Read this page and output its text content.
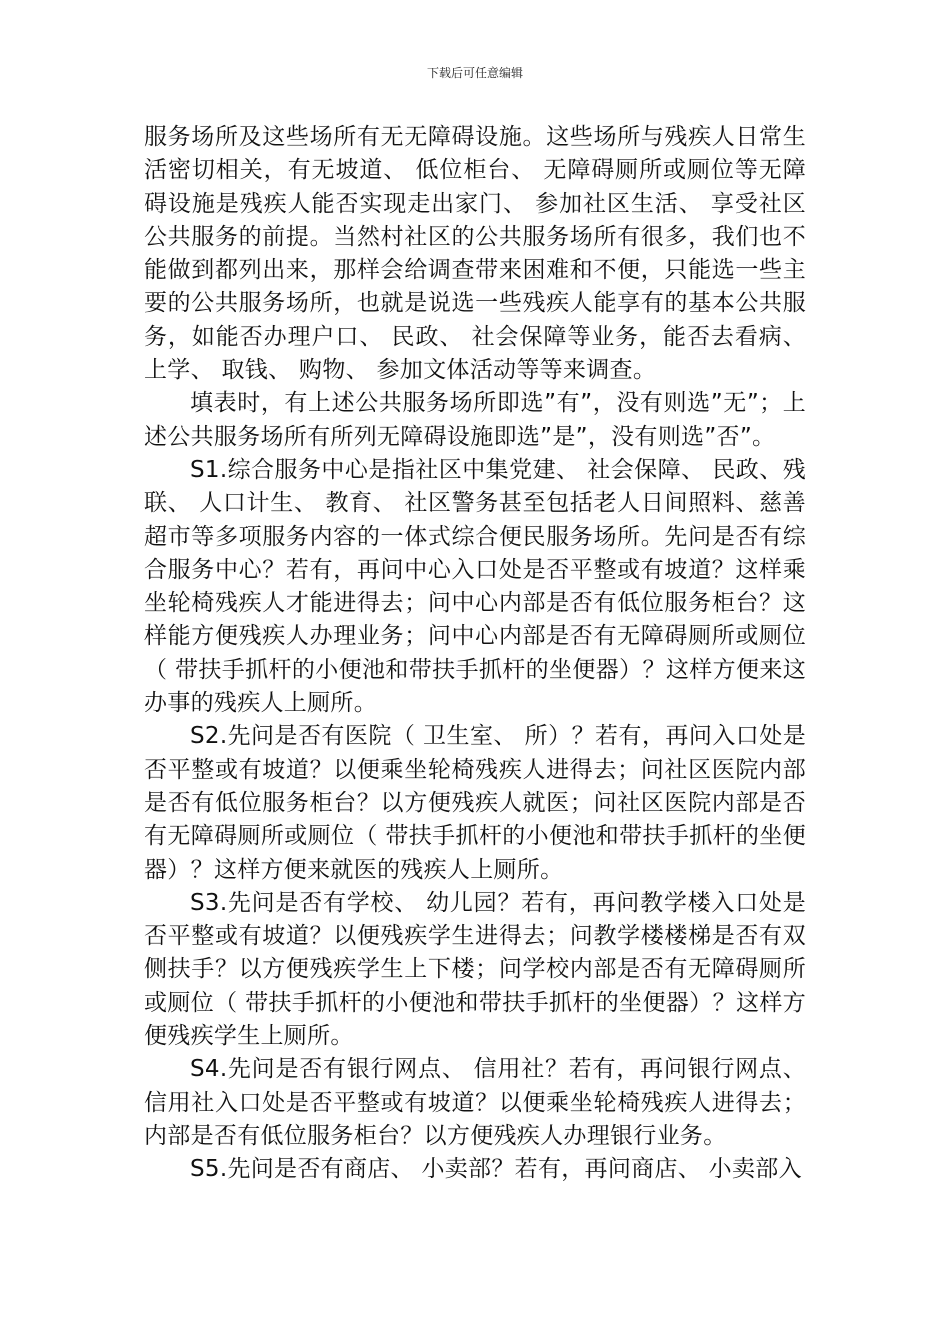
下载后可任意编辑

服务场所及这些场所有无无障碍设施。这些场所与残疾人日常生活密切相关，有无坡道、 低位柜台、 无障碍厕所或厕位等无障碍设施是残疾人能否实现走出家门、 参加社区生活、 享受社区公共服务的前提。当然村社区的公共服务场所有很多，我们也不能做到都列出来，那样会给调查带来困难和不便，只能选一些主要的公共服务场所，也就是说选一些残疾人能享有的基本公共服务，如能否办理户口、 民政、 社会保障等业务，能否去看病、上学、 取钱、 购物、 参加文体活动等等来调查。

填表时，有上述公共服务场所即选”有”，没有则选”无”；上述公共服务场所有所列无障碍设施即选”是”，没有则选”否”。

S1.综合服务中心是指社区中集党建、 社会保障、 民政、残联、 人口计生、 教育、 社区警务甚至包括老人日间照料、慈善超市等多项服务内容的一体式综合便民服务场所。先问是否有综合服务中心？若有，再问中心入口处是否平整或有坡道？这样乘坐轮椅残疾人才能进得去；问中心内部是否有低位服务柜台？这样能方便残疾人办理业务；问中心内部是否有无障碍厕所或厕位（ 带扶手抓杆的小便池和带扶手抓杆的坐便器）？这样方便来这办事的残疾人上厕所。

S2.先问是否有医院（ 卫生室、 所）？若有，再问入口处是否平整或有坡道？以便乘坐轮椅残疾人进得去；问社区医院内部是否有低位服务柜台？以方便残疾人就医；问社区医院内部是否有无障碍厕所或厕位（ 带扶手抓杆的小便池和带扶手抓杆的坐便器）？这样方便来就医的残疾人上厕所。

S3.先问是否有学校、 幼儿园？若有，再问教学楼入口处是否平整或有坡道？以便残疾学生进得去；问教学楼楼梯是否有双侧扶手？以方便残疾学生上下楼；问学校内部是否有无障碍厕所或厕位（ 带扶手抓杆的小便池和带扶手抓杆的坐便器）？这样方便残疾学生上厕所。

S4.先问是否有银行网点、 信用社？若有，再问银行网点、信用社入口处是否平整或有坡道？以便乘坐轮椅残疾人进得去；内部是否有低位服务柜台？以方便残疾人办理银行业务。

S5.先问是否有商店、 小卖部？若有，再问商店、 小卖部入
